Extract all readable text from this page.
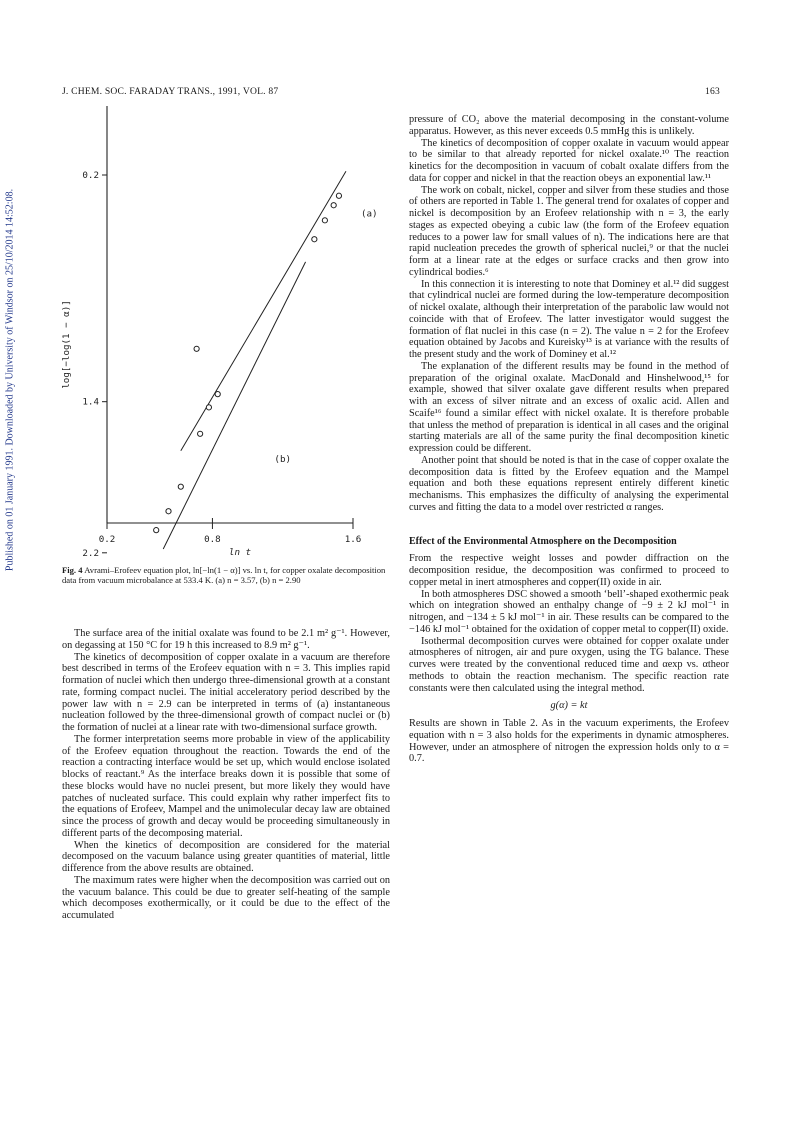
J. CHEM. SOC. FARADAY TRANS., 1991, VOL. 87	163
Published on 01 January 1991. Downloaded by University of Windsor on 25/10/2014 14:52:08.
0.2
1.4
2.2
0.2	0.8	1.6
ln t
log[−log(1 − α)]
(a)
(b)
Fig. 4 Avrami–Erofeev equation plot, ln[−ln(1 − α)] vs. ln t, for copper oxalate decomposition data from vacuum microbalance at 533.4 K. (a) n = 3.57, (b) n = 2.90

The surface area of the initial oxalate was found to be 2.1 m² g⁻¹. However, on degassing at 150 °C for 19 h this increased to 8.9 m² g⁻¹.

The kinetics of decomposition of copper oxalate in a vacuum are therefore best described in terms of the Erofeev equation with n = 3. This implies rapid formation of nuclei which then undergo three-dimensional growth at a constant rate, forming compact nuclei. The initial acceleratory period described by the power law with n = 2.9 can be interpreted in terms of (a) instantaneous nucleation followed by the three-dimensional growth of compact nuclei or (b) the formation of nuclei at a linear rate with two-dimensional surface growth.

The former interpretation seems more probable in view of the applicability of the Erofeev equation throughout the reaction. Towards the end of the reaction a contracting interface would be set up, which would enclose isolated blocks of reactant.⁹ As the interface breaks down it is possible that some of these blocks would have no nuclei present, but more likely they would have patches of nucleated surface. This could explain why rather imperfect fits to the equations of Erofeev, Mampel and the unimolecular decay law are obtained since the process of growth and decay would be proceeding simultaneously in different parts of the decomposing material.

When the kinetics of decomposition are considered for the material decomposed on the vacuum balance using greater quantities of material, little difference from the above results are obtained.

The maximum rates were higher when the decomposition was carried out on the vacuum balance. This could be due to greater self-heating of the sample which decomposes exothermically, or it could be due to the effect of the accumulated

pressure of CO₂ above the material decomposing in the constant-volume apparatus. However, as this never exceeds 0.5 mmHg this is unlikely.

The kinetics of decomposition of copper oxalate in vacuum would appear to be similar to that already reported for nickel oxalate.¹⁰ The reaction kinetics for the decomposition in vacuum of cobalt oxalate differs from the data for copper and nickel in that the reaction obeys an exponential law.¹¹

The work on cobalt, nickel, copper and silver from these studies and those of others are reported in Table 1. The general trend for oxalates of copper and nickel is decomposition by an Erofeev relationship with n = 3, the early stages as expected obeying a cubic law (the form of the Erofeev equation reduces to a power law for small values of n). The indications here are that rapid nucleation precedes the growth of spherical nuclei,⁹ or that the nuclei form at a linear rate at the edges or surface cracks and then grow into cylindrical bodies.⁶

In this connection it is interesting to note that Dominey et al.¹² did suggest that cylindrical nuclei are formed during the low-temperature decomposition of nickel oxalate, although their interpretation of the parabolic law would not coincide with that of Erofeev. The latter investigator would suggest the formation of flat nuclei in this case (n = 2). The value n = 2 for the Erofeev equation obtained by Jacobs and Kureisky¹³ is at variance with the results of the present study and the work of Dominey et al.¹²

The explanation of the different results may be found in the method of preparation of the original oxalate. MacDonald and Hinshelwood,¹⁵ for example, showed that silver oxalate gave different results when prepared with an excess of silver nitrate and an excess of oxalic acid. Allen and Scaife¹⁶ found a similar effect with nickel oxalate. It is therefore probable that unless the method of preparation is identical in all cases and the original starting materials are all of the same purity the final decomposition kinetic expression could be different.

Another point that should be noted is that in the case of copper oxalate the decomposition data is fitted by the Erofeev equation and the Mampel equation and both these equations represent entirely different kinetic mechanisms. This emphasizes the difficulty of analysing the experimental curves and fitting the data to a model over restricted α ranges.

Effect of the Environmental Atmosphere on the Decomposition

From the respective weight losses and powder diffraction on the decomposition residue, the decomposition was confirmed to proceed to copper metal in inert atmospheres and copper(II) oxide in air.

In both atmospheres DSC showed a smooth ‘bell’-shaped exothermic peak which on integration showed an enthalpy change of −9 ± 2 kJ mol⁻¹ in nitrogen, and −134 ± 5 kJ mol⁻¹ in air. These results can be compared to the −146 kJ mol⁻¹ obtained for the oxidation of copper metal to copper(II) oxide.

Isothermal decomposition curves were obtained for copper oxalate under atmospheres of nitrogen, air and pure oxygen, using the TG balance. These curves were treated by the conventional reduced time and αexp vs. αtheor methods to obtain the reaction mechanism. The specific reaction rate constants were then calculated using the integral method.

g(α) = kt

Results are shown in Table 2. As in the vacuum experiments, the Erofeev equation with n = 3 also holds for the experiments in dynamic atmospheres. However, under an atmosphere of nitrogen the expression holds only to α = 0.7.
